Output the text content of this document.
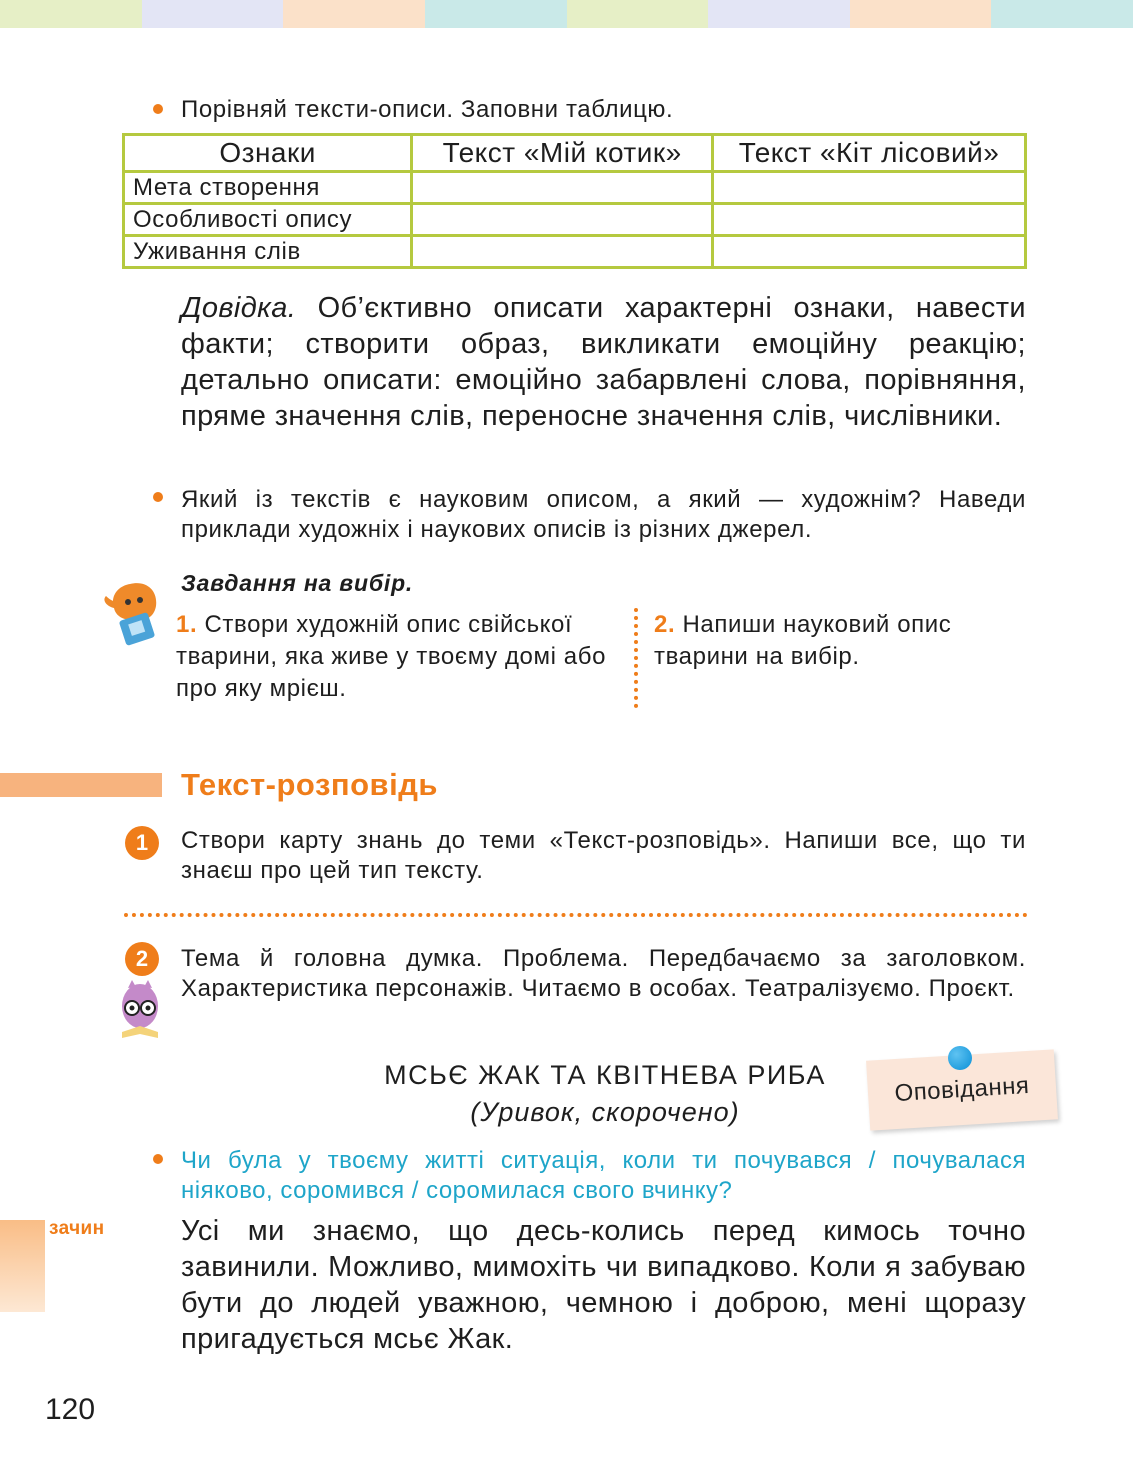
Порівняй тексти-описи. Заповни таблицю.
Ознаки	Текст «Мій котик»	Текст «Кіт лісовий»
Мета створення		
Особливості опису		
Уживання слів		
Довідка. Об’єктивно описати характерні ознаки, навести факти; створити образ, викликати емоційну реакцію; детально описати: емоційно забарвлені слова, порівняння, пряме значення слів, переносне значення слів, числівники.
Який із текстів є науковим описом, а який — художнім? Наведи приклади художніх і наукових описів із різних джерел.
Завдання на вибір.
1. Створи художній опис свійської тварини, яка живе у твоєму домі або про яку мрієш.
2. Напиши науковий опис тварини на вибір.
Текст-розповідь
1	Створи карту знань до теми «Текст-розповідь». Напиши все, що ти знаєш про цей тип тексту.
2	Тема й головна думка. Проблема. Передбачаємо за заголовком. Характеристика персонажів. Читаємо в особах. Театралізуємо. Проєкт.
МСЬЄ ЖАК ТА КВІТНЕВА РИБА
(Уривок, скорочено)
Оповідання
Чи була у твоєму житті ситуація, коли ти почувався / почувалася ніяково, соромився / соромилася свого вчинку?
зачин	Усі ми знаємо, що десь-колись перед кимось точно завинили. Можливо, мимохіть чи випадково. Коли я забуваю бути до людей уважною, чемною і доброю, мені щоразу пригадується мсьє Жак.
120
